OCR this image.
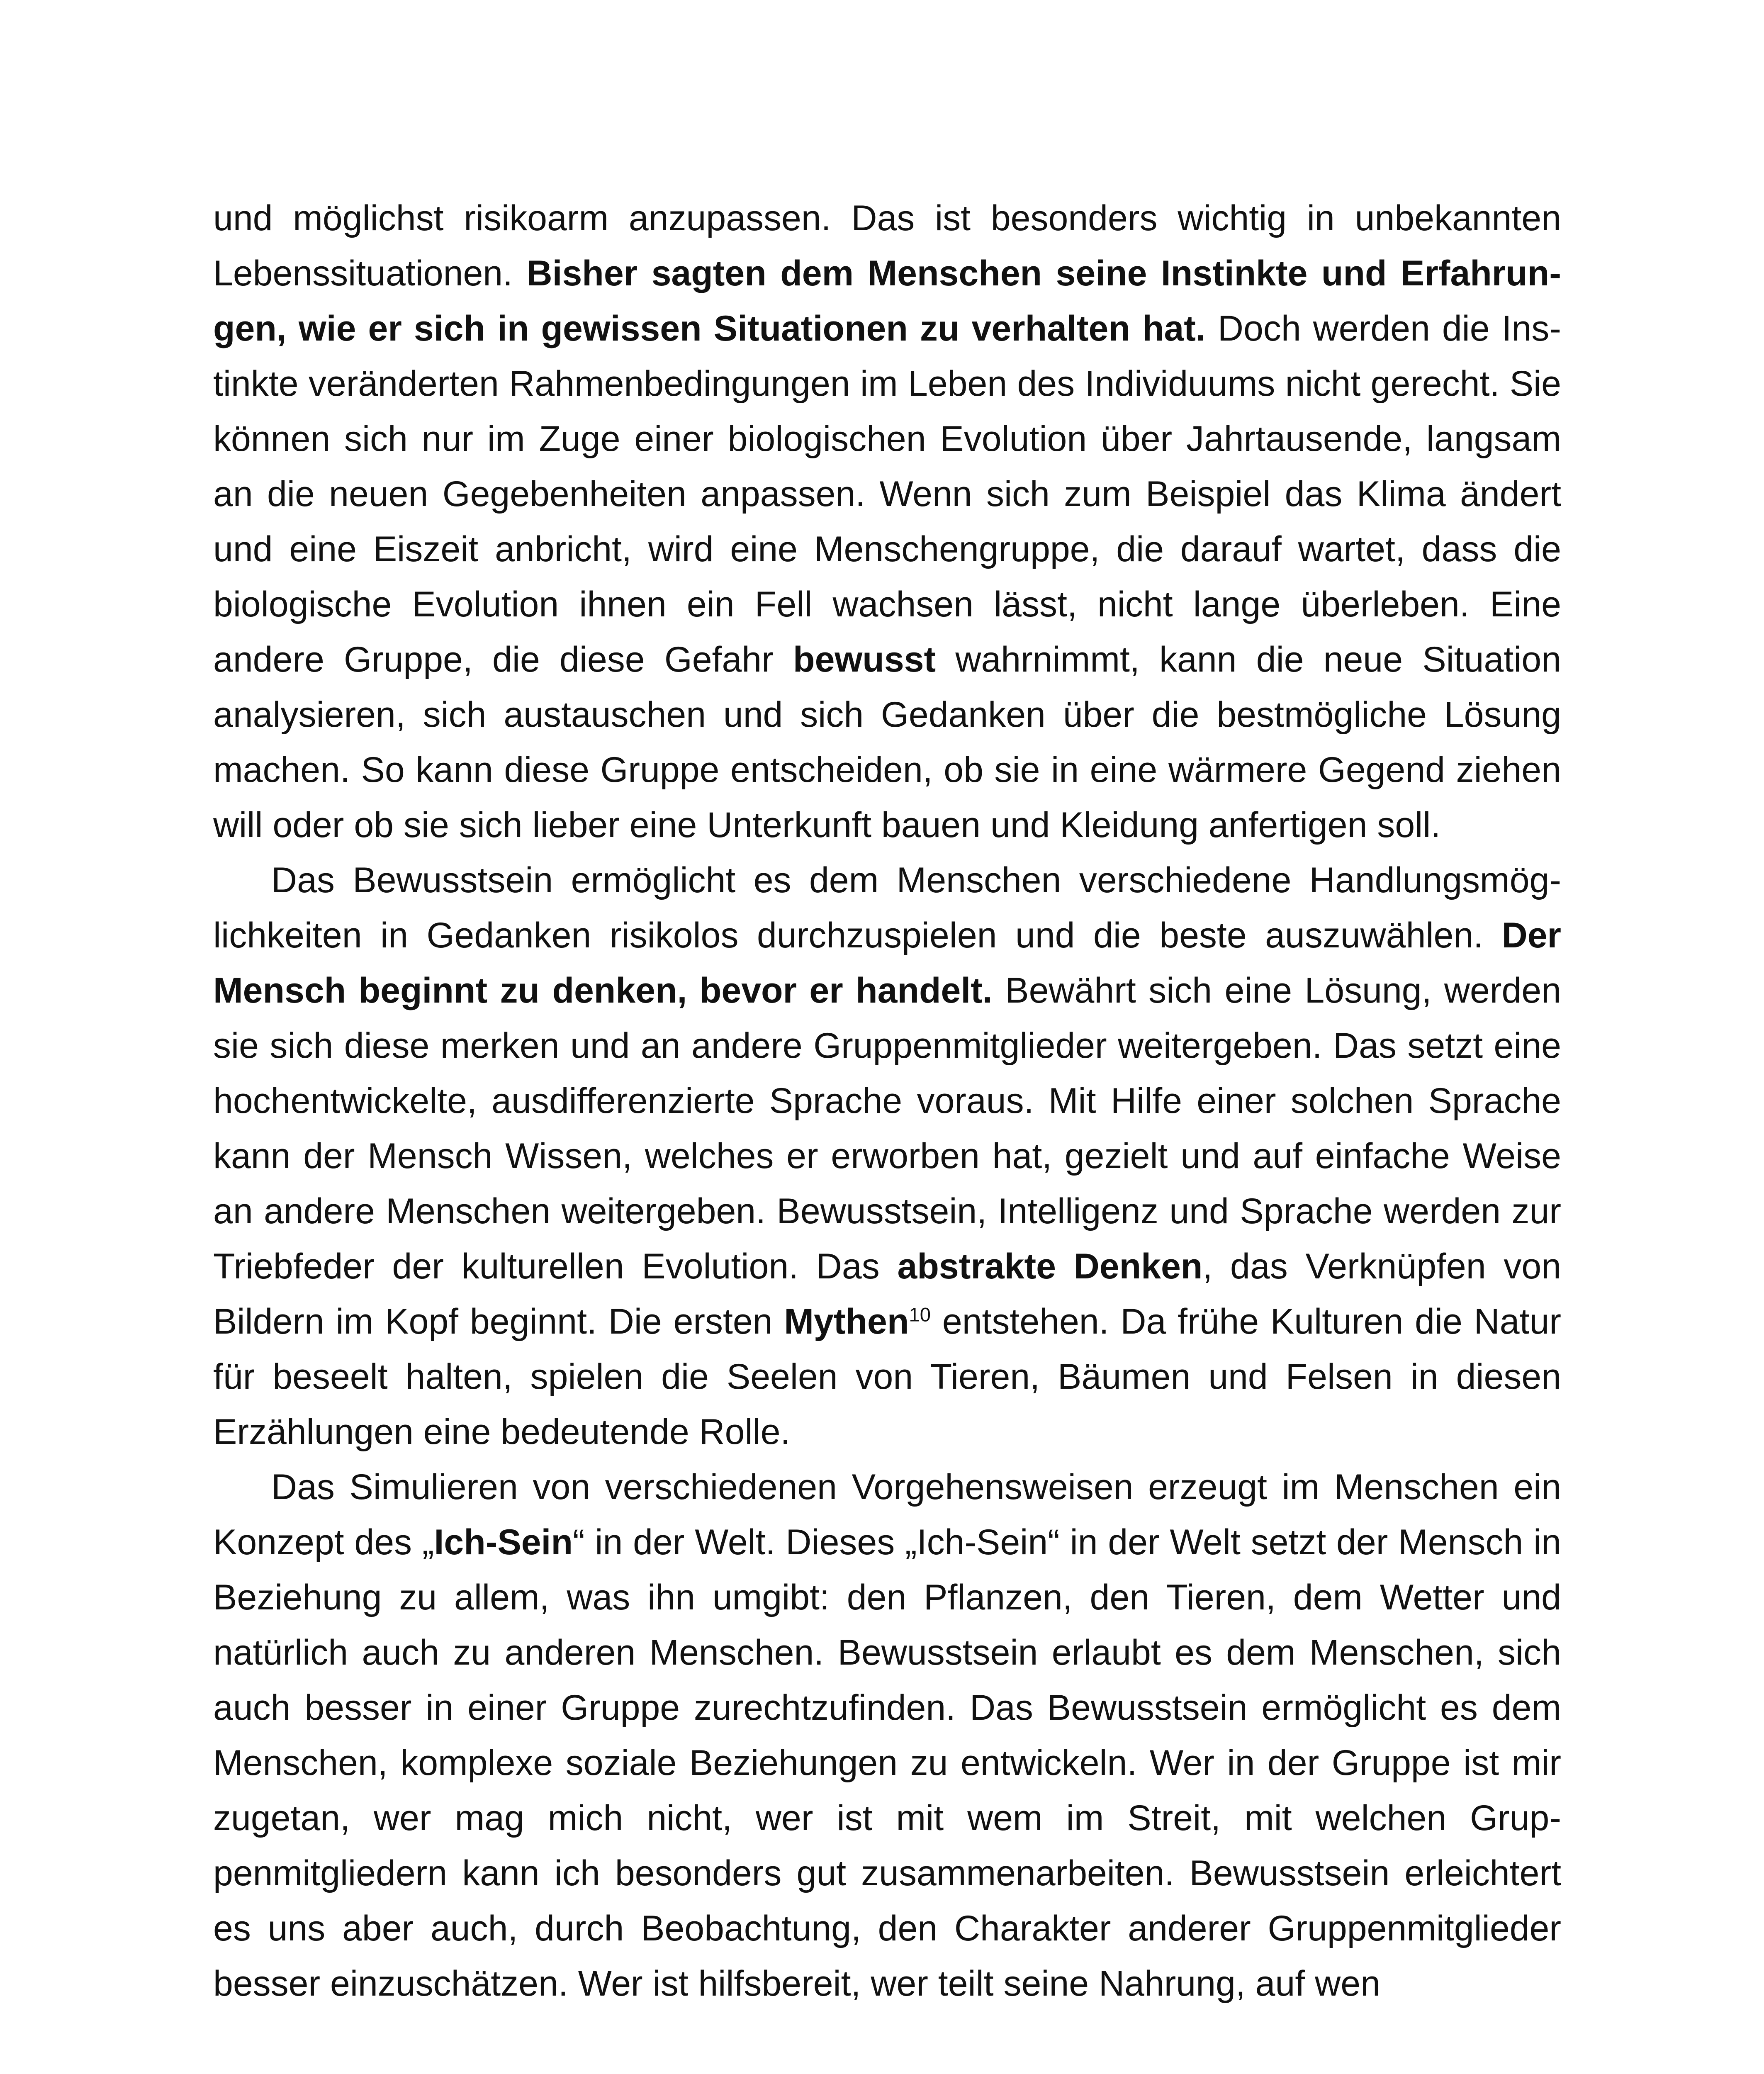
und möglichst risikoarm anzupassen. Das ist besonders wichtig in unbekannten Lebenssituationen. Bisher sagten dem Menschen seine Instinkte und Erfahrungen, wie er sich in gewissen Situationen zu verhalten hat. Doch werden die Instinkte veränderten Rahmenbedingungen im Leben des Individuums nicht gerecht. Sie können sich nur im Zuge einer biologischen Evolution über Jahrtausende, langsam an die neuen Gegebenheiten anpassen. Wenn sich zum Beispiel das Klima ändert und eine Eiszeit anbricht, wird eine Menschengruppe, die darauf wartet, dass die biologische Evolution ihnen ein Fell wachsen lässt, nicht lange überleben. Eine andere Gruppe, die diese Gefahr bewusst wahrnimmt, kann die neue Situation analysieren, sich austauschen und sich Gedanken über die bestmögliche Lösung machen. So kann diese Gruppe entscheiden, ob sie in eine wärmere Gegend ziehen will oder ob sie sich lieber eine Unterkunft bauen und Kleidung anfertigen soll.

Das Bewusstsein ermöglicht es dem Menschen verschiedene Handlungsmöglichkeiten in Gedanken risikolos durchzuspielen und die beste auszuwählen. Der Mensch beginnt zu denken, bevor er handelt. Bewährt sich eine Lösung, werden sie sich diese merken und an andere Gruppenmitglieder weitergeben. Das setzt eine hochentwickelte, ausdifferenzierte Sprache voraus. Mit Hilfe einer solchen Sprache kann der Mensch Wissen, welches er erworben hat, gezielt und auf einfache Weise an andere Menschen weitergeben. Bewusstsein, Intelligenz und Sprache werden zur Triebfeder der kulturellen Evolution. Das abstrakte Denken, das Verknüpfen von Bildern im Kopf beginnt. Die ersten Mythen$^{10}$ entstehen. Da frühe Kulturen die Natur für beseelt halten, spielen die Seelen von Tieren, Bäumen und Felsen in diesen Erzählungen eine bedeutende Rolle.

Das Simulieren von verschiedenen Vorgehensweisen erzeugt im Menschen ein Konzept des „Ich-Sein“ in der Welt. Dieses „Ich-Sein“ in der Welt setzt der Mensch in Beziehung zu allem, was ihn umgibt: den Pflanzen, den Tieren, dem Wetter und natürlich auch zu anderen Menschen. Bewusstsein erlaubt es dem Menschen, sich auch besser in einer Gruppe zurechtzufinden. Das Bewusstsein ermöglicht es dem Menschen, komplexe soziale Beziehungen zu entwickeln. Wer in der Gruppe ist mir zugetan, wer mag mich nicht, wer ist mit wem im Streit, mit welchen Gruppenmitgliedern kann ich besonders gut zusammenarbeiten. Bewusstsein erleichtert es uns aber auch, durch Beobachtung, den Charakter anderer Gruppenmitglieder besser einzuschätzen. Wer ist hilfsbereit, wer teilt seine Nahrung, auf wen
